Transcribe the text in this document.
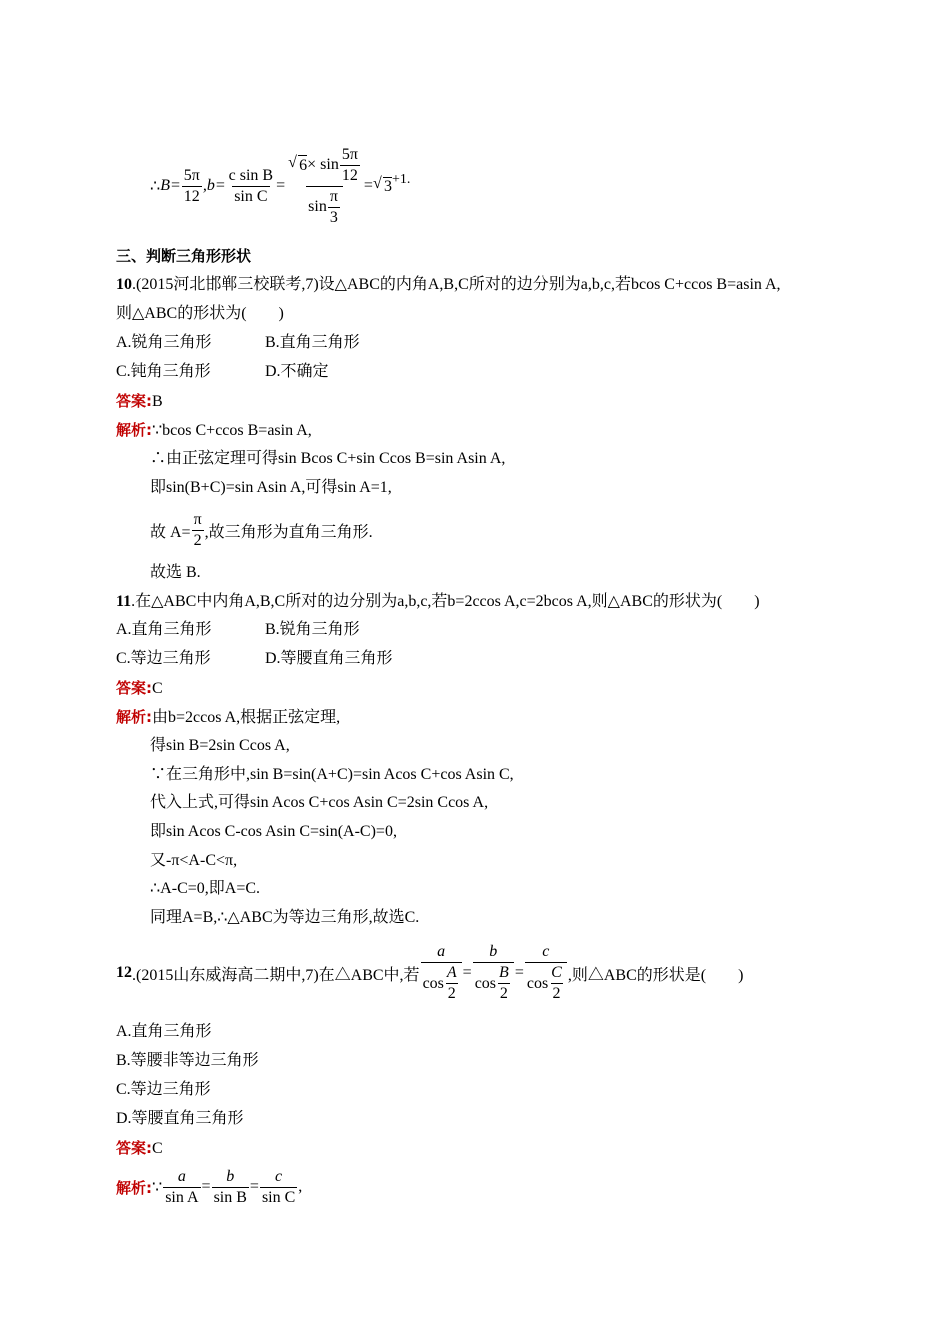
∴ $B= \frac{5\pi}{12} ,b= \frac{\text{c sin B}}{\text{sin C}}$ = √ $\frac{6 \times \sin \frac{5\pi}{12}}{\sin \frac{\pi}{3}}$ = √ 3 +1.
三、判断三角形形状
10.(2015河北邯郸三校联考,7)设△ABC的内角A,B,C所对的边分别为a,b,c,若bcos C+ccos B=asin A,
则△ABC的形状为(　　)
A.锐角三角形	B.直角三角形
C.钝角三角形	D.不确定
答案:B
解析:∵bcos C+ccos B=asin A,
∴由正弦定理可得sin Bcos C+sin Ccos B=sin Asin A,
即sin(B+C)=sin Asin A,可得sin A=1,
故 $A= \frac{\pi}{2}$ ,故三角形为直角三角形.
故选 B.
11.在△ABC中内角A,B,C所对的边分别为a,b,c,若b=2ccos A,c=2bcos A,则△ABC的形状为(　　)
A.直角三角形	B.锐角三角形
C.等边三角形	D.等腰直角三角形
答案:C
解析:由b=2ccos A,根据正弦定理,
得sin B=2sin Ccos A,
∵在三角形中,sin B=sin(A+C)=sin Acos C+cos Asin C,
代入上式,可得sin Acos C+cos Asin C=2sin Ccos A,
即sin Acos C-cos Asin C=sin(A-C)=0,
又-π<A-C<π,
∴A-C=0,即A=C.
同理A=B,∴△ABC为等边三角形,故选C.
12 .(2015山东威海高二期中,7)在△ABC中,若 $\frac{a}{\cos \frac{A}{2}} = \frac{b}{\cos \frac{B}{2}} = \frac{c}{\cos \frac{C}{2}}$ ,则△ABC的形状是(　　)
A.直角三角形
B.等腰非等边三角形
C.等边三角形
D.等腰直角三角形
答案:C
解析: ∵ $\frac{a}{\text{sin A}} = \frac{b}{\text{sin B}} = \frac{c}{\text{sin C}}$ ,
